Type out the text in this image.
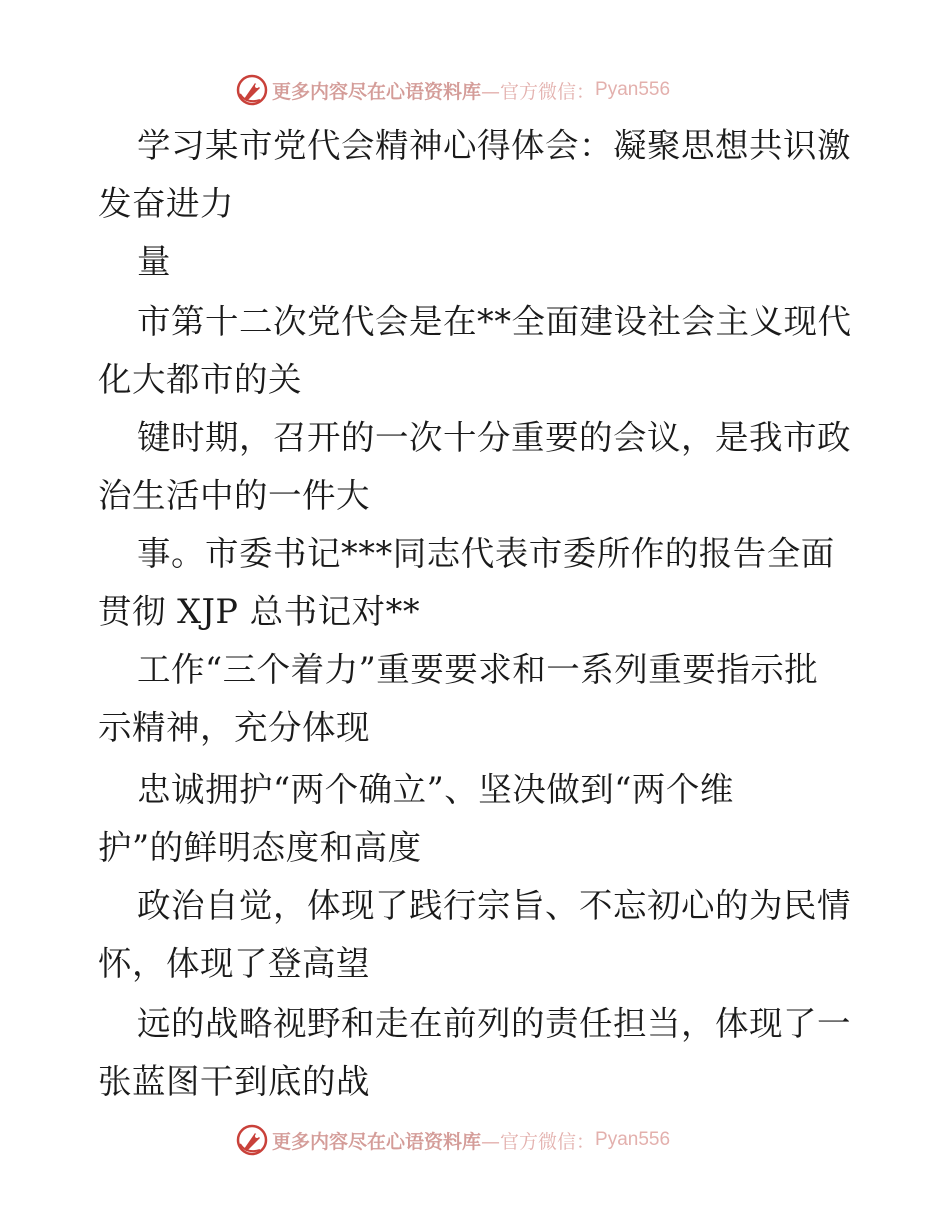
更多内容尽在心语资料库 —官方微信： Pyan556

学习某市党代会精神心得体会：凝聚思想共识激

发奋进力

量

市第十二次党代会是在**全面建设社会主义现代

化大都市的关

键时期，召开的一次十分重要的会议，是我市政

治生活中的一件大

事。市委书记***同志代表市委所作的报告全面

贯彻 XJP 总书记对**

工作“三个着力”重要要求和一系列重要指示批

示精神，充分体现

忠诚拥护“两个确立”、坚决做到“两个维

护”的鲜明态度和高度

政治自觉，体现了践行宗旨、不忘初心的为民情

怀，体现了登高望

远的战略视野和走在前列的责任担当，体现了一

张蓝图干到底的战

更多内容尽在心语资料库 —官方微信： Pyan556
